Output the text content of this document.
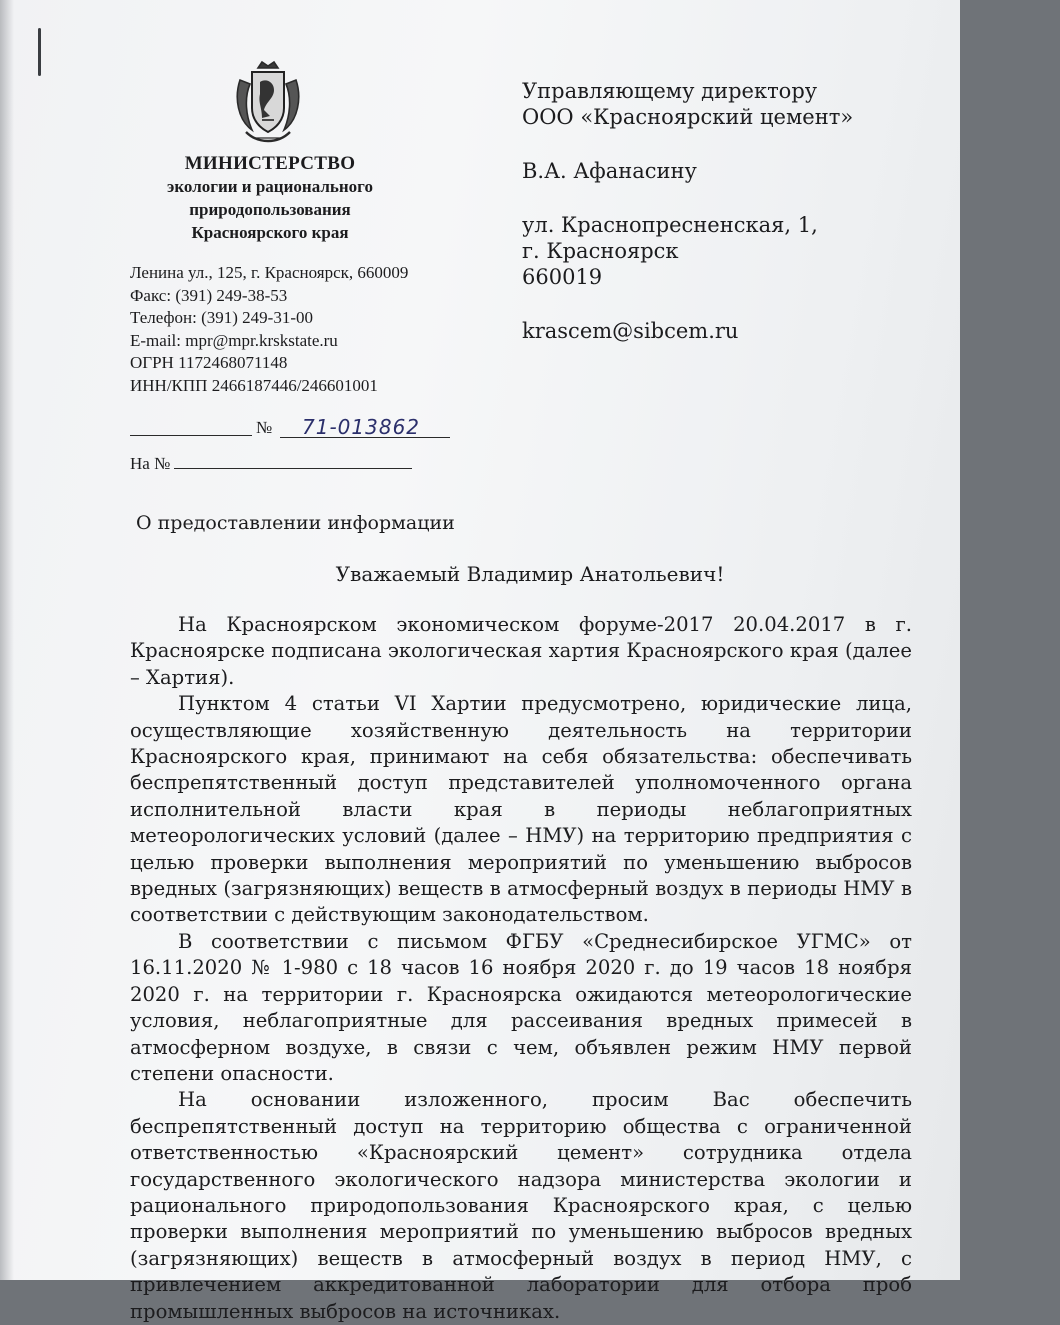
МИНИСТЕРСТВО
экологии и рационального
природопользования
Красноярского края
Ленина ул., 125, г. Красноярск, 660009
Факс: (391) 249-38-53
Телефон: (391) 249-31-00
E-mail: mpr@mpr.krskstate.ru
ОГРН 1172468071148
ИНН/КПП 2466187446/246601001
№ 71-013862
На №
Управляющему директору
ООО «Красноярский цемент»
В.А. Афанасину
ул. Краснопресненская, 1,
г. Красноярск
660019
krascem@sibcem.ru
О предоставлении информации
Уважаемый Владимир Анатольевич!

На Красноярском экономическом форуме-2017 20.04.2017 в г. Красноярске подписана экологическая хартия Красноярского края (далее – Хартия).

Пунктом 4 статьи VI Хартии предусмотрено, юридические лица, осуществляющие хозяйственную деятельность на территории Красноярского края, принимают на себя обязательства: обеспечивать беспрепятственный доступ представителей уполномоченного органа исполнительной власти края в периоды неблагоприятных метеорологических условий (далее – НМУ) на территорию предприятия с целью проверки выполнения мероприятий по уменьшению выбросов вредных (загрязняющих) веществ в атмосферный воздух в периоды НМУ в соответствии с действующим законодательством.

В соответствии с письмом ФГБУ «Среднесибирское УГМС» от 16.11.2020 № 1-980 с 18 часов 16 ноября 2020 г. до 19 часов 18 ноября 2020 г. на территории г. Красноярска ожидаются метеорологические условия, неблагоприятные для рассеивания вредных примесей в атмосферном воздухе, в связи с чем, объявлен режим НМУ первой степени опасности.

На основании изложенного, просим Вас обеспечить беспрепятственный доступ на территорию общества с ограниченной ответственностью «Красноярский цемент» сотрудника отдела государственного экологического надзора министерства экологии и рационального природопользования Красноярского края, с целью проверки выполнения мероприятий по уменьшению выбросов вредных (загрязняющих) веществ в атмосферный воздух в период НМУ, с привлечением аккредитованной лаборатории для отбора проб промышленных выбросов на источниках.
